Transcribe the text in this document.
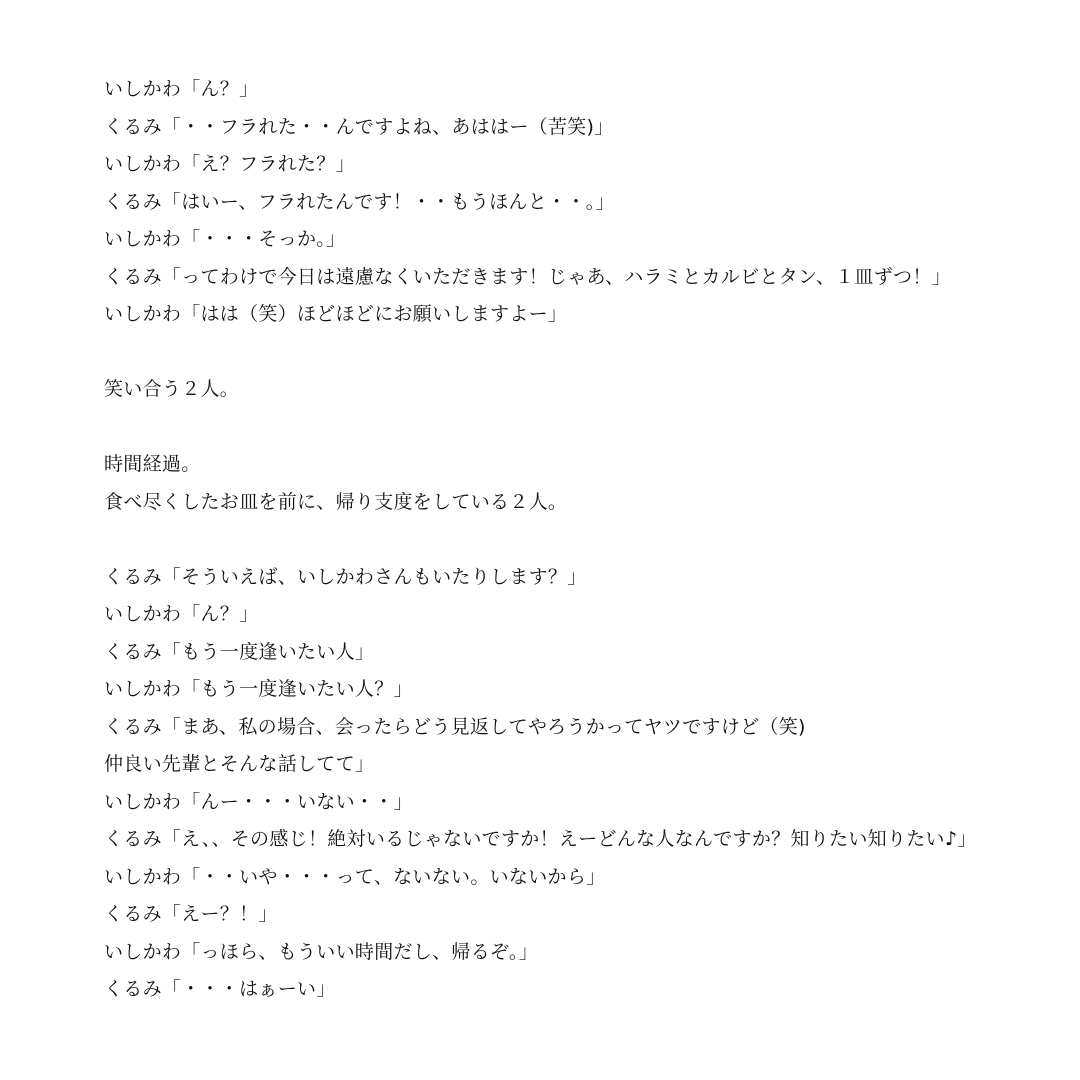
いしかわ「ん？」
くるみ「・・フラれた・・んですよね、あははー（苦笑)」
いしかわ「え？フラれた？」
くるみ「はいー、フラれたんです！・・もうほんと・・。」
いしかわ「・・・そっか。」
くるみ「ってわけで今日は遠慮なくいただきます！じゃあ、ハラミとカルビとタン、１皿ずつ！」
いしかわ「はは（笑）ほどほどにお願いしますよー」
笑い合う２人。
時間経過。
食べ尽くしたお皿を前に、帰り支度をしている２人。
くるみ「そういえば、いしかわさんもいたりします？」
いしかわ「ん？」
くるみ「もう一度逢いたい人」
いしかわ「もう一度逢いたい人？」
くるみ「まあ、私の場合、会ったらどう見返してやろうかってヤツですけど（笑)
仲良い先輩とそんな話してて」
いしかわ「んー・・・いない・・」
くるみ「え、、その感じ！絶対いるじゃないですか！えーどんな人なんですか？知りたい知りたい♪」
いしかわ「・・いや・・・って、ないない。いないから」
くるみ「えー？！」
いしかわ「っほら、もういい時間だし、帰るぞ。」
くるみ「・・・はぁーい」
